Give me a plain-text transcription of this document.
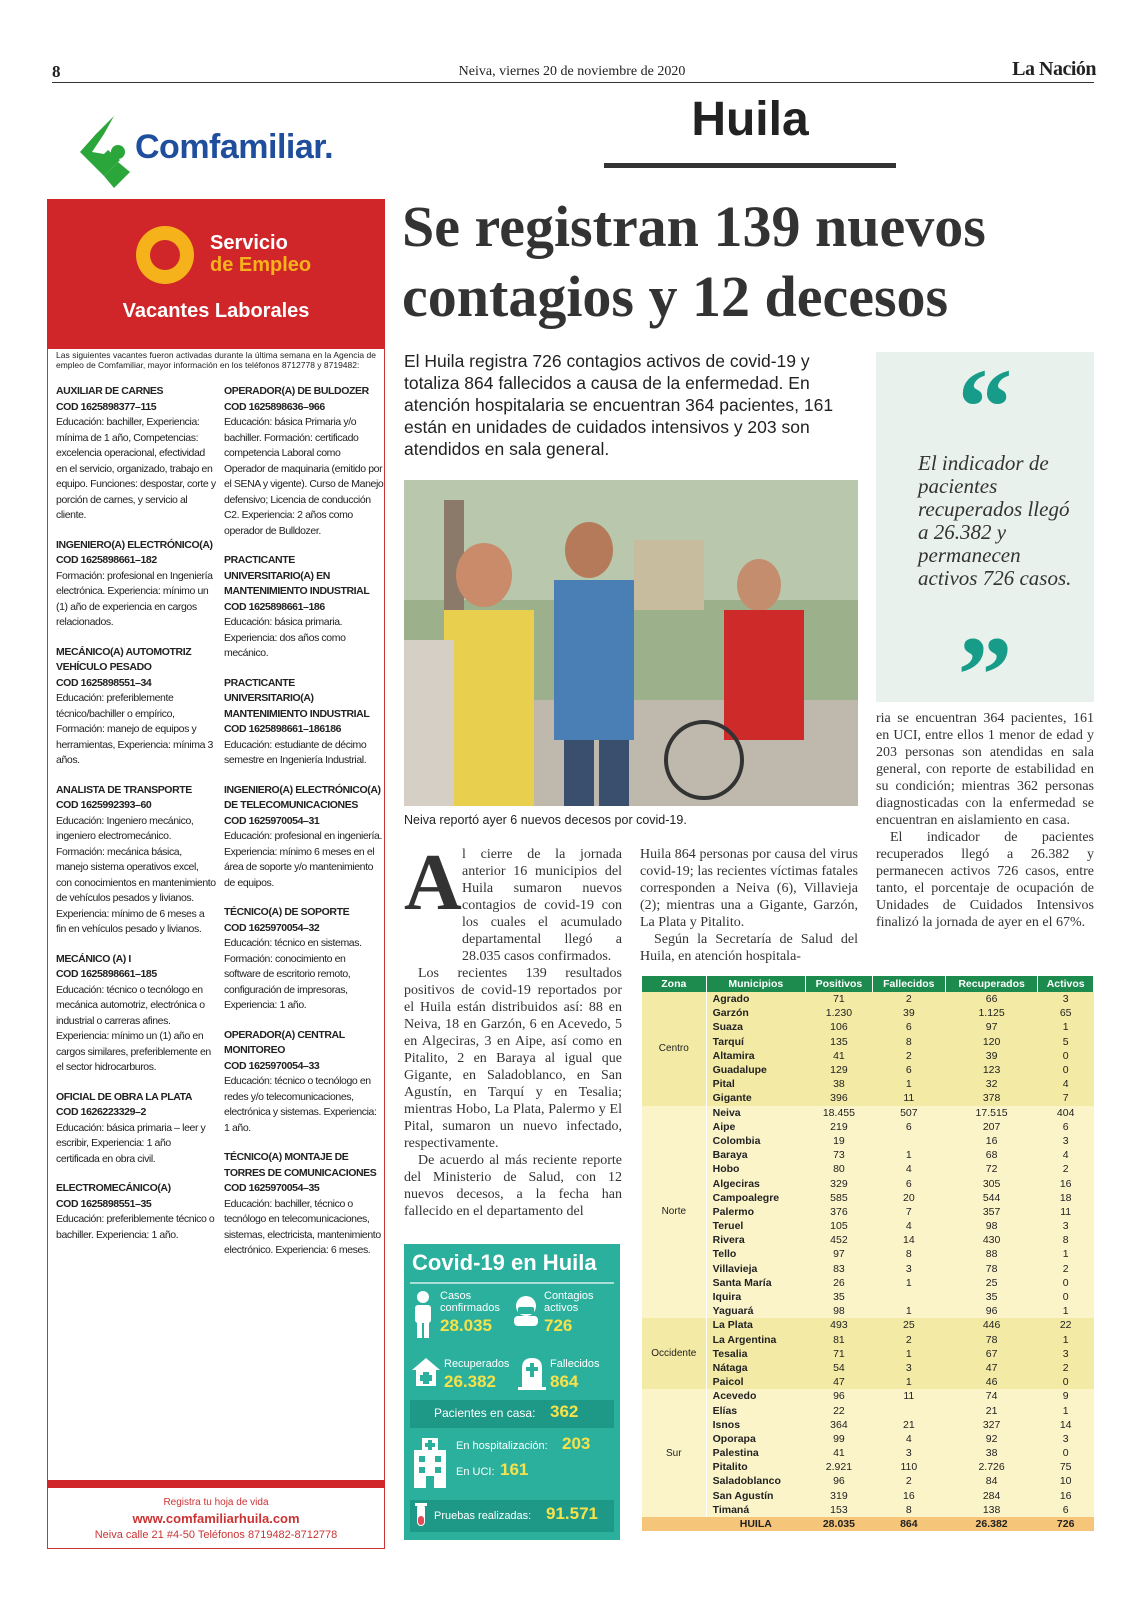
8	Neiva, viernes 20 de noviembre de 2020	La Nación
Huila
Comfamiliar.
Servicio
de Empleo
Vacantes Laborales
Las siguientes vacantes fueron activadas durante la última semana en la Agencia de empleo de Comfamiliar, mayor información en los teléfonos 8712778 y 8719482:
AUXILIAR DE CARNES
COD 1625898377–115
Educación: bachiller, Experiencia: mínima de 1 año, Competencias: excelencia operacional, efectividad en el servicio, organizado, trabajo en equipo. Funciones: despostar, corte y porción de carnes, y servicio al cliente.
INGENIERO(A) ELECTRÓNICO(A)
COD 1625898661–182
Formación: profesional en Ingeniería electrónica. Experiencia: mínimo un (1) año de experiencia en cargos relacionados.
MECÁNICO(A) AUTOMOTRIZ VEHÍCULO PESADO
COD 1625898551–34
Educación: preferiblemente técnico/bachiller o empírico, Formación: manejo de equipos y herramientas, Experiencia: mínima 3 años.
ANALISTA DE TRANSPORTE
COD 1625992393–60
Educación: Ingeniero mecánico, ingeniero electromecánico. Formación: mecánica básica, manejo sistema operativos excel, con conocimientos en mantenimiento de vehículos pesados y livianos. Experiencia: mínimo de 6 meses a fin en vehículos pesado y livianos.
MECÁNICO (A) I
COD 1625898661–185
Educación: técnico o tecnólogo en mecánica automotriz, electrónica o industrial o carreras afines. Experiencia: mínimo un (1) año en cargos similares, preferiblemente en el sector hidrocarburos.
OFICIAL DE OBRA LA PLATA
COD 1626223329–2
Educación: básica primaria – leer y escribir, Experiencia: 1 año certificada en obra civil.
ELECTROMECÁNICO(A)
COD 1625898551–35
Educación: preferiblemente técnico o bachiller. Experiencia: 1 año.
OPERADOR(A) DE BULDOZER
COD 1625898636–966
Educación: básica Primaria y/o bachiller. Formación: certificado competencia Laboral como Operador de maquinaria (emitido por el SENA y vigente). Curso de Manejo defensivo; Licencia de conducción C2. Experiencia: 2 años como operador de Bulldozer.
PRACTICANTE UNIVERSITARIO(A) EN MANTENIMIENTO INDUSTRIAL
COD 1625898661–186
Educación: básica primaria. Experiencia: dos años como mecánico.
PRACTICANTE UNIVERSITARIO(A) MANTENIMIENTO INDUSTRIAL
COD 1625898661–186186
Educación: estudiante de décimo semestre en Ingeniería Industrial.
INGENIERO(A) ELECTRÓNICO(A) DE TELECOMUNICACIONES
COD 1625970054–31
Educación: profesional en ingeniería. Experiencia: mínimo 6 meses en el área de soporte y/o mantenimiento de equipos.
TÉCNICO(A) DE SOPORTE
COD 1625970054–32
Educación: técnico en sistemas. Formación: conocimiento en software de escritorio remoto, configuración de impresoras, Experiencia: 1 año.
OPERADOR(A) CENTRAL MONITOREO
COD 1625970054–33
Educación: técnico o tecnólogo en redes y/o telecomunicaciones, electrónica y sistemas. Experiencia: 1 año.
TÉCNICO(A) MONTAJE DE TORRES DE COMUNICACIONES
COD 1625970054–35
Educación: bachiller, técnico o tecnólogo en telecomunicaciones, sistemas, electricista, mantenimiento electrónico. Experiencia: 6 meses.
Registra tu hoja de vida
www.comfamiliarhuila.com
Neiva calle 21 #4-50 Teléfonos 8719482-8712778
Se registran 139 nuevos contagios y 12 decesos
El Huila registra 726 contagios activos de covid-19 y totaliza 864 fallecidos a causa de la enfermedad. En atención hospitalaria se encuentran 364 pacientes, 161 están en unidades de cuidados intensivos y 203 son atendidos en sala general.	“
El indicador de pacientes recuperados llegó a 26.382 y permanecen activos 726 casos.
”
Neiva reportó ayer 6 nuevos decesos por covid-19.
A l cierre de la jornada anterior 16 municipios del Huila sumaron nuevos contagios de covid-19 con los cuales el acumulado departamental llegó a 28.035 casos confirmados.

Los recientes 139 resultados positivos de covid-19 reportados por el Huila están distribuidos así: 88 en Neiva, 18 en Garzón, 6 en Acevedo, 5 en Algeciras, 3 en Aipe, así como en Pitalito, 2 en Baraya al igual que Gigante, en Saladoblanco, en San Agustín, en Tarquí y en Tesalia; mientras Hobo, La Plata, Palermo y El Pital, sumaron un nuevo infectado, respectivamente.

De acuerdo al más reciente reporte del Ministerio de Salud, con 12 nuevos decesos, a la fecha han fallecido en el departamento del

Huila 864 personas por causa del virus covid-19; las recientes víctimas fatales corresponden a Neiva (6), Villavieja (2); mientras una a Gigante, Garzón, La Plata y Pitalito.

Según la Secretaría de Salud del Huila, en atención hospitala-

ria se encuentran 364 pacientes, 161 en UCI, entre ellos 1 menor de edad y 203 personas son atendidas en sala general, con reporte de estabilidad en su condición; mientras 362 personas diagnosticadas con la enfermedad se encuentran en aislamiento en casa.

El indicador de pacientes recuperados llegó a 26.382 y permanecen activos 726 casos, entre tanto, el porcentaje de ocupación de Unidades de Cuidados Intensivos finalizó la jornada de ayer en el 67%.

Covid-19 en Huila
Casos confirmados
28.035
Contagios activos
726
Recuperados
26.382
Fallecidos
864
Pacientes en casa: 362
En hospitalización: 203
En UCI: 161
Pruebas realizadas: 91.571
Zona	Municipios	Positivos	Fallecidos	Recuperados	Activos
Centro	Agrado	71	2	66	3
	Garzón	1.230	39	1.125	65
	Suaza	106	6	97	1
	Tarquí	135	8	120	5
	Altamira	41	2	39	0
	Guadalupe	129	6	123	0
	Pital	38	1	32	4
	Gigante	396	11	378	7
Norte	Neiva	18.455	507	17.515	404
	Aipe	219	6	207	6
	Colombia	19		16	3
	Baraya	73	1	68	4
	Hobo	80	4	72	2
	Algeciras	329	6	305	16
	Campoalegre	585	20	544	18
	Palermo	376	7	357	11
	Teruel	105	4	98	3
	Rivera	452	14	430	8
	Tello	97	8	88	1
	Villavieja	83	3	78	2
	Santa María	26	1	25	0
	Iquira	35		35	0
	Yaguará	98	1	96	1
Occidente	La Plata	493	25	446	22
	La Argentina	81	2	78	1
	Tesalia	71	1	67	3
	Nátaga	54	3	47	2
	Paicol	47	1	46	0
Sur	Acevedo	96	11	74	9
	Elías	22		21	1
	Isnos	364	21	327	14
	Oporapa	99	4	92	3
	Palestina	41	3	38	0
	Pitalito	2.921	110	2.726	75
	Saladoblanco	96	2	84	10
	San Agustín	319	16	284	16
	Timaná	153	8	138	6
	HUILA	28.035	864	26.382	726
